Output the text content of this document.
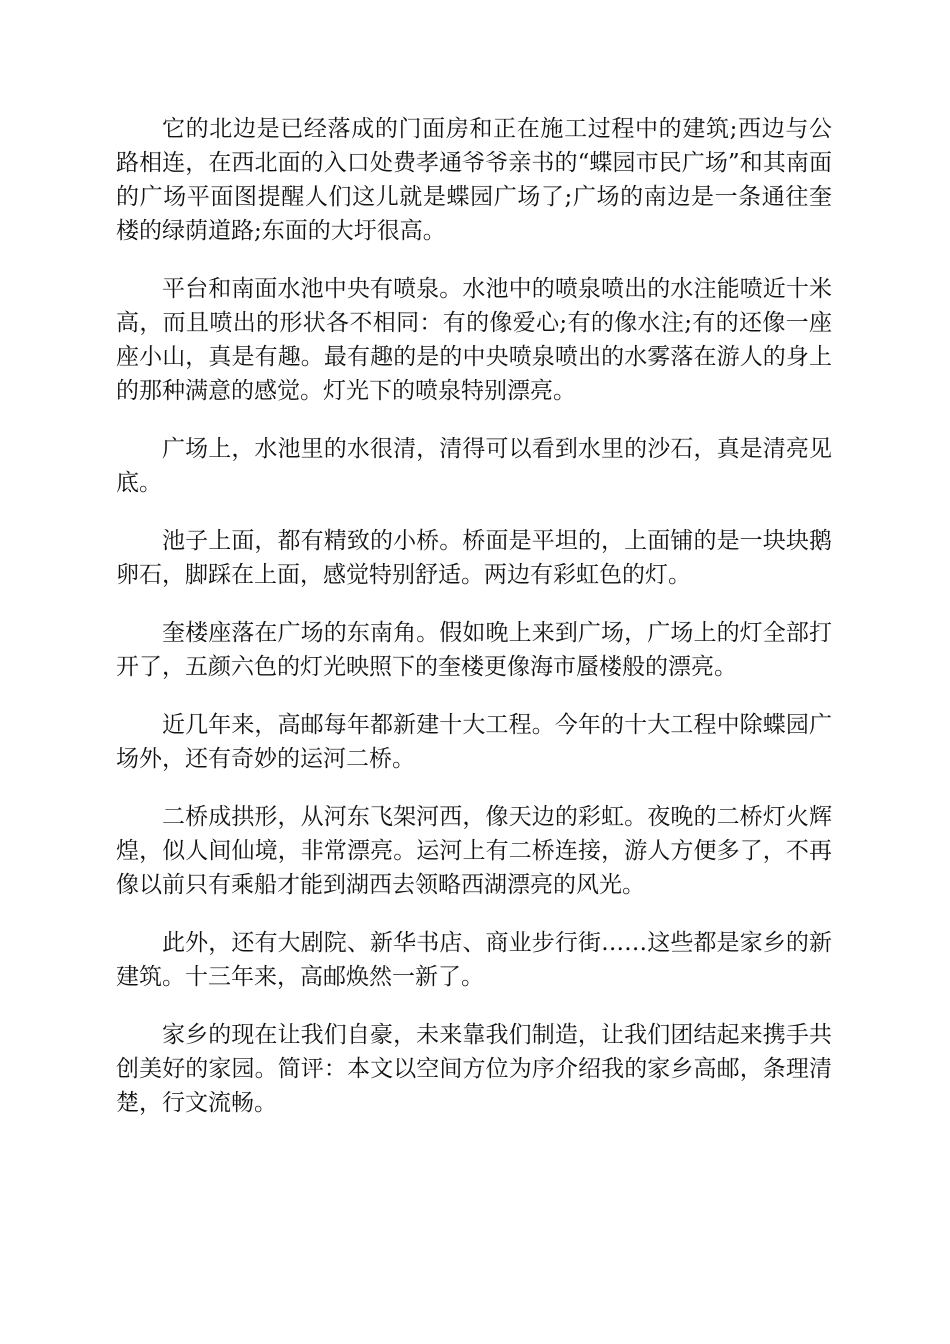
它的北边是已经落成的门面房和正在施工过程中的建筑;西边与公路相连，在西北面的入口处费孝通爷爷亲书的“蝶园市民广场”和其南面的广场平面图提醒人们这儿就是蝶园广场了;广场的南边是一条通往奎楼的绿荫道路;东面的大圩很高。

平台和南面水池中央有喷泉。水池中的喷泉喷出的水注能喷近十米高，而且喷出的形状各不相同：有的像爱心;有的像水注;有的还像一座座小山，真是有趣。最有趣的是的中央喷泉喷出的水雾落在游人的身上的那种满意的感觉。灯光下的喷泉特别漂亮。

广场上，水池里的水很清，清得可以看到水里的沙石，真是清亮见底。

池子上面，都有精致的小桥。桥面是平坦的，上面铺的是一块块鹅卵石，脚踩在上面，感觉特别舒适。两边有彩虹色的灯。

奎楼座落在广场的东南角。假如晚上来到广场，广场上的灯全部打开了，五颜六色的灯光映照下的奎楼更像海市蜃楼般的漂亮。

近几年来，高邮每年都新建十大工程。今年的十大工程中除蝶园广场外，还有奇妙的运河二桥。

二桥成拱形，从河东飞架河西，像天边的彩虹。夜晚的二桥灯火辉煌，似人间仙境，非常漂亮。运河上有二桥连接，游人方便多了，不再像以前只有乘船才能到湖西去领略西湖漂亮的风光。

此外，还有大剧院、新华书店、商业步行街……这些都是家乡的新建筑。十三年来，高邮焕然一新了。

家乡的现在让我们自豪，未来靠我们制造，让我们团结起来携手共创美好的家园。简评：本文以空间方位为序介绍我的家乡高邮，条理清楚，行文流畅。
